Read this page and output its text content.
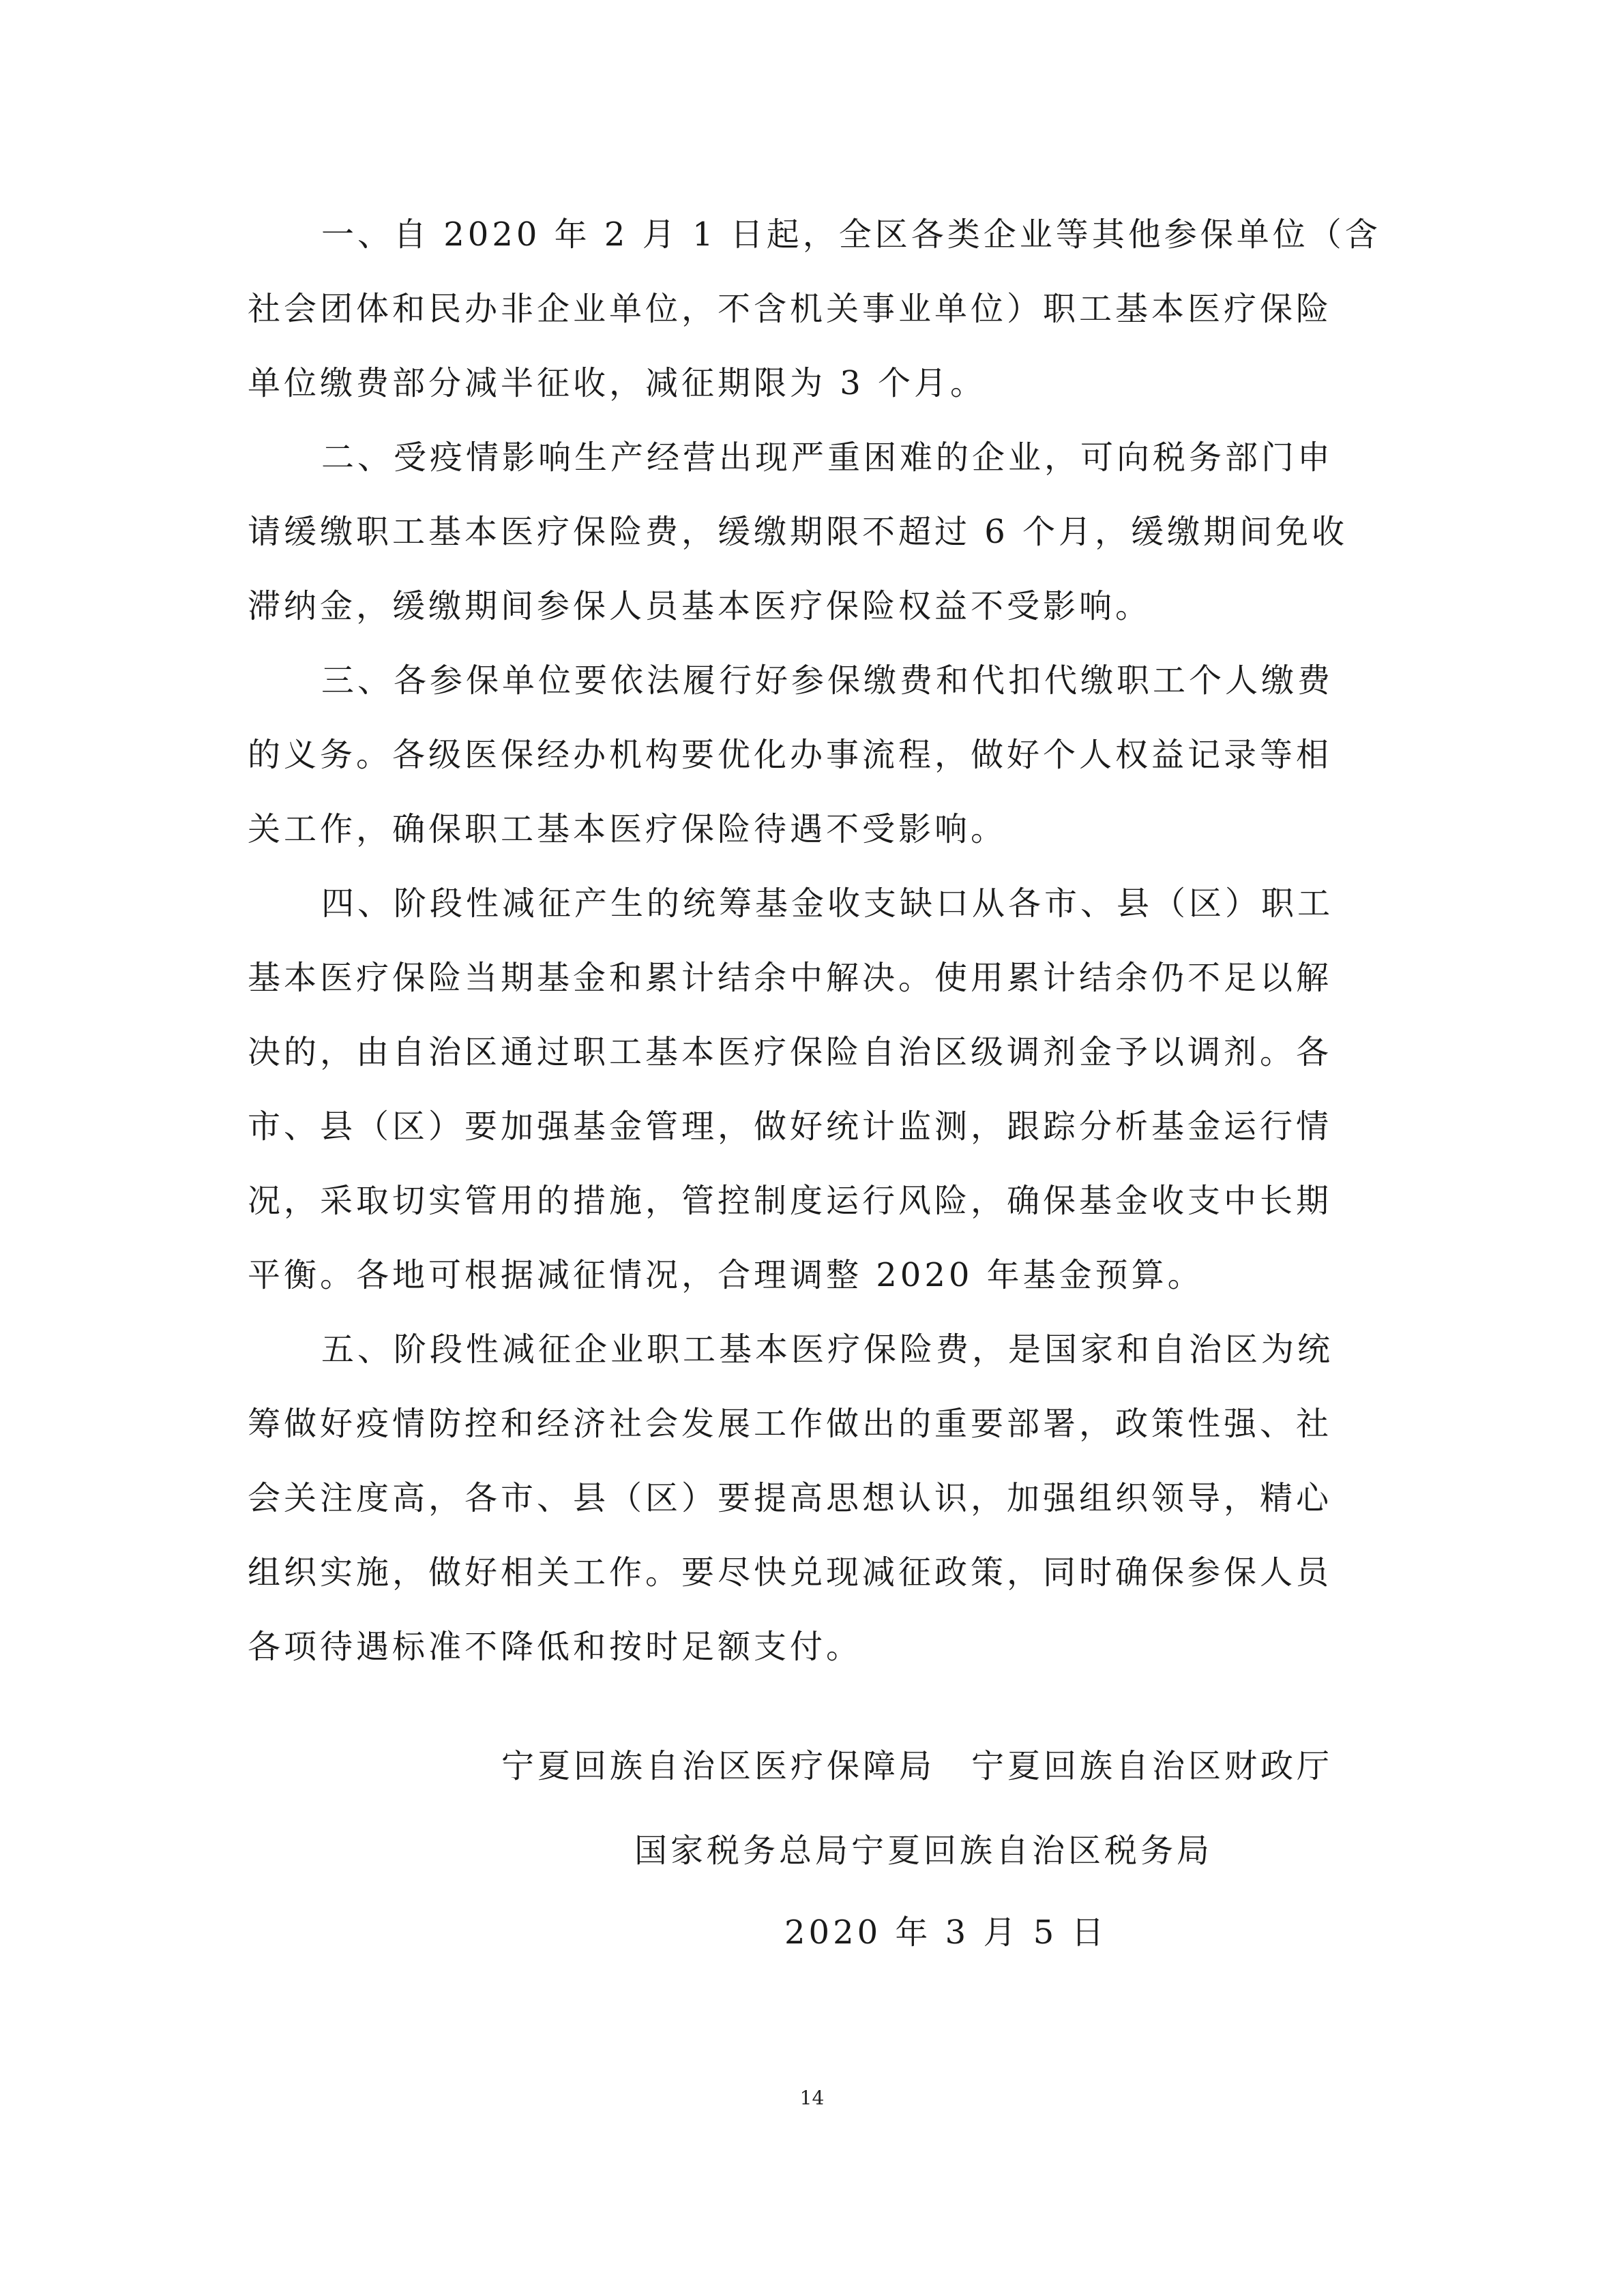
一、自 2020 年 2 月 1 日起，全区各类企业等其他参保单位（含
社会团体和民办非企业单位，不含机关事业单位）职工基本医疗保险
单位缴费部分减半征收，减征期限为 3 个月。

二、受疫情影响生产经营出现严重困难的企业，可向税务部门申
请缓缴职工基本医疗保险费，缓缴期限不超过 6 个月，缓缴期间免收
滞纳金，缓缴期间参保人员基本医疗保险权益不受影响。

三、各参保单位要依法履行好参保缴费和代扣代缴职工个人缴费
的义务。各级医保经办机构要优化办事流程，做好个人权益记录等相
关工作，确保职工基本医疗保险待遇不受影响。

四、阶段性减征产生的统筹基金收支缺口从各市、县（区）职工
基本医疗保险当期基金和累计结余中解决。使用累计结余仍不足以解
决的，由自治区通过职工基本医疗保险自治区级调剂金予以调剂。各
市、县（区）要加强基金管理，做好统计监测，跟踪分析基金运行情
况，采取切实管用的措施，管控制度运行风险，确保基金收支中长期
平衡。各地可根据减征情况，合理调整 2020 年基金预算。

五、阶段性减征企业职工基本医疗保险费，是国家和自治区为统
筹做好疫情防控和经济社会发展工作做出的重要部署，政策性强、社
会关注度高，各市、县（区）要提高思想认识，加强组织领导，精心
组织实施，做好相关工作。要尽快兑现减征政策，同时确保参保人员
各项待遇标准不降低和按时足额支付。

宁夏回族自治区医疗保障局　宁夏回族自治区财政厅
国家税务总局宁夏回族自治区税务局
2020 年 3 月 5 日
14
